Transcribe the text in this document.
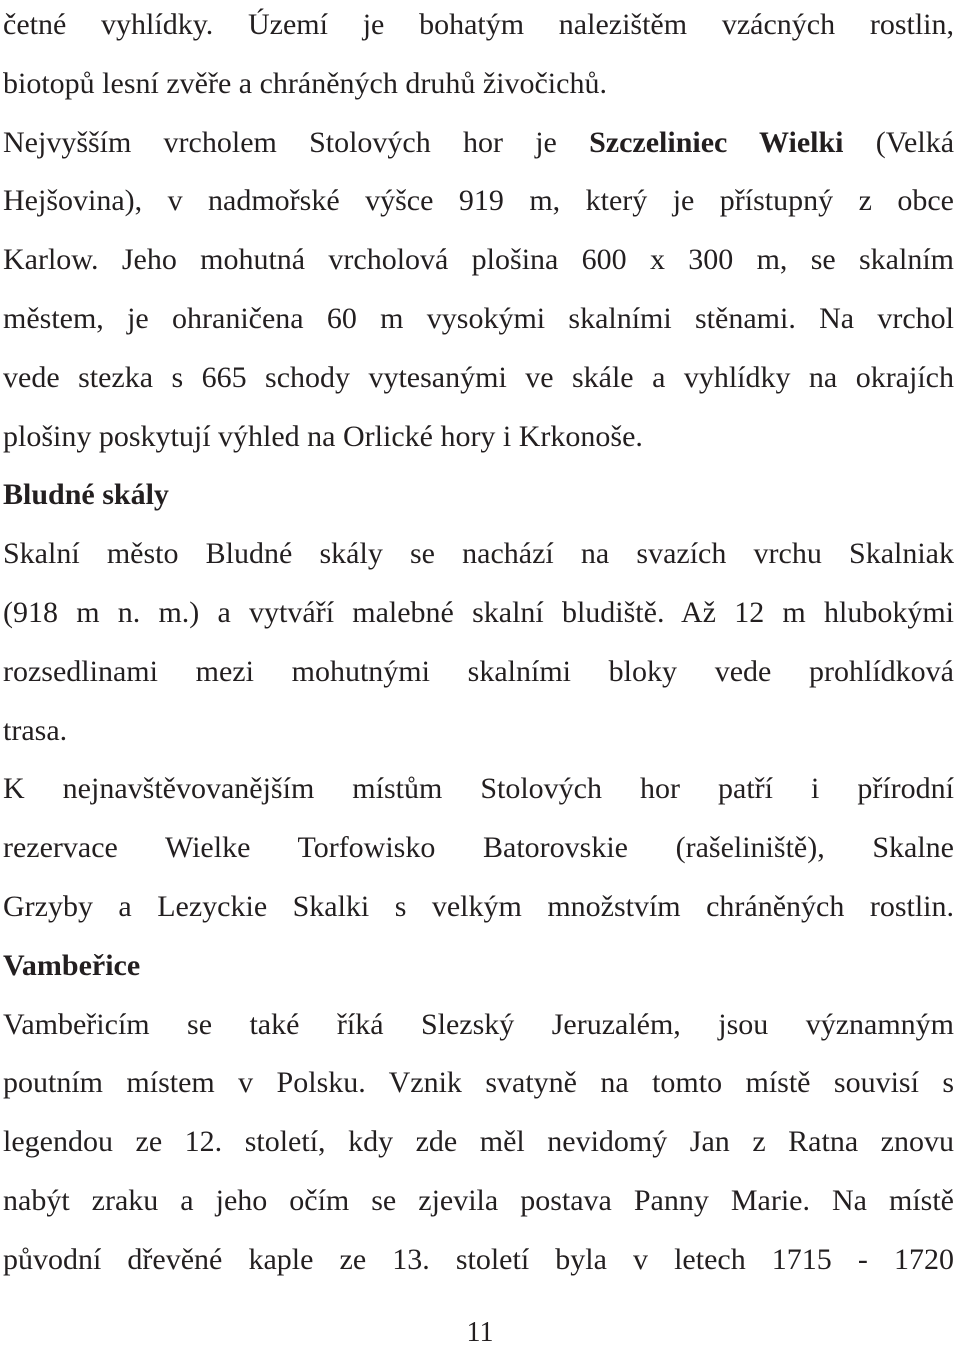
četné vyhlídky. Území je bohatým nalezištěm vzácných rostlin,
biotopů lesní zvěře a chráněných druhů živočichů.
Nejvyšším vrcholem Stolových hor je Szczeliniec Wielki (Velká
Hejšovina), v nadmořské výšce 919 m, který je přístupný z obce
Karlow. Jeho mohutná vrcholová plošina 600 x 300 m, se skalním
městem, je ohraničena 60 m vysokými skalními stěnami. Na vrchol
vede stezka s 665 schody vytesanými ve skále a vyhlídky na okrajích
plošiny poskytují výhled na Orlické hory i Krkonoše.
Bludné skály
Skalní město Bludné skály se nachází na svazích vrchu Skalniak
(918 m n. m.) a vytváří malebné skalní bludiště. Až 12 m hlubokými
rozsedlinami mezi mohutnými skalními bloky vede prohlídková
trasa.
K nejnavštěvovanějším místům Stolových hor patří i přírodní
rezervace Wielke Torfowisko Batorovskie (rašeliniště), Skalne
Grzyby a Lezyckie Skalki s velkým množstvím chráněných rostlin.
Vambeřice
Vambeřicím se také říká Slezský Jeruzalém, jsou významným
poutním místem v Polsku. Vznik svatyně na tomto místě souvisí s
legendou ze 12. století, kdy zde měl nevidomý Jan z Ratna znovu
nabýt zraku a jeho očím se zjevila postava Panny Marie. Na místě
původní dřevěné kaple ze 13. století byla v letech 1715 - 1720
11
